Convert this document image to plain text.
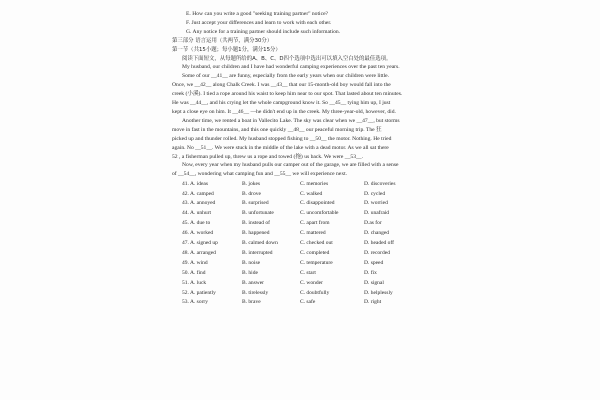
E. How can you write a good "seeking training partner" notice?
F. Just accept your differences and learn to work with each other.
G. Any notice for a training partner should include such information.
第三部分 语言运用（共两节，满分30分）
第一节（共15小题；每小题1分，满分15分）
阅读下面短文，从每题所给的A、B、C、D四个选项中选出可以填入空白处的最佳选项。
My husband, our children and I have had wonderful camping experiences over the past ten years.
Some of our __41__ are funny, especially from the early years when our children were little.
Once, we __42__ along Chalk Creek. I was __43__ that our 15-month-old boy would fall into the
creek (小溪). I tied a rope around his waist to keep him near to our spot. That lasted about ten minutes.
He was __44__, and his crying let the whole campground know it. So __45__ tying him up, I just
kept a close eye on him. It __46__ —he didn't end up in the creek. My three-year-old, however, did.
Another time, we rented a boat in Vallecito Lake. The sky was clear when we __47__, but storms
move in fast in the mountains, and this one quickly __48__ our peaceful morning trip. The 狂
picked up and thunder rolled. My husband stopped fishing to __50__ the motor. Nothing. He tried
again. No __51__. We were stuck in the middle of the lake with a dead motor. As we all sat there
52 , a fisherman pulled up, threw us a rope and towed (拖) us back. We were __53__.
Now, every year when my husband pulls our camper out of the garage, we are filled with a sense
of __54__, wondering what camping fun and __55__ we will experience next.
41. A. ideas	B. jokes	C. memories	D. discoveries
42. A. camped	B. drove	C. walked	D. cycled
43. A. annoyed	B. surprised	C. disappointed	D. worried
44. A. unhurt	B. unfortunate	C. uncomfortable	D. unafraid
45. A. due to	B. instead of	C. apart from	D.as for
46. A. worked	B. happened	C. mattered	D. changed
47. A. signed up	B. calmed down	C. checked out	D. headed off
48. A. arranged	B. interrupted	C. completed	D. recorded
49. A. wind	B. noise	C. temperature	D. speed
50. A. find	B. hide	C. start	D. fix
51. A. luck	B. answer	C. wonder	D. signal
52. A. patiently	B. tirelessly	C. doubtfully	D. helplessly
53. A. sorry	B. brave	C. safe	D. right
